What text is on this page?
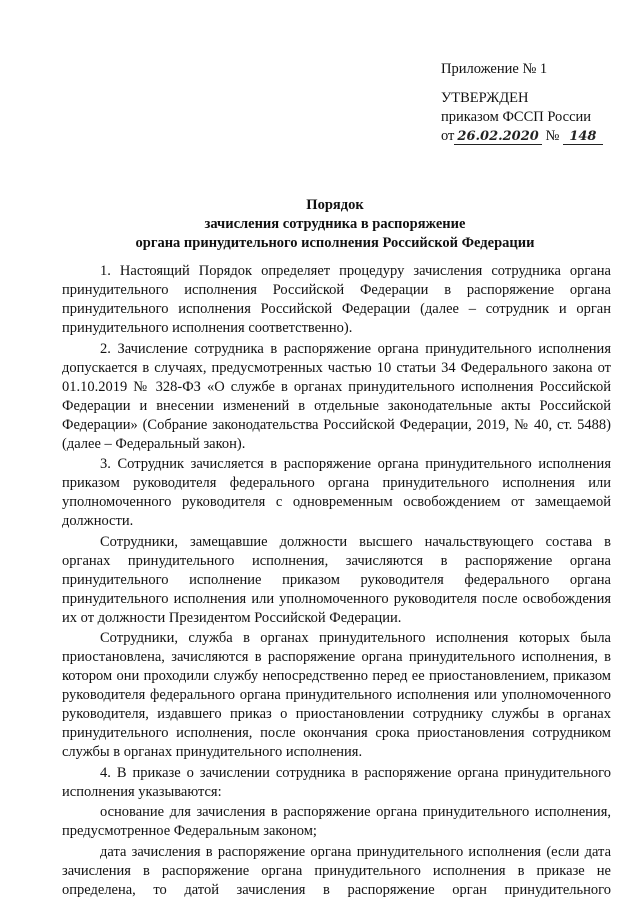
Приложение № 1
УТВЕРЖДЕН
приказом ФССП России
от 26.02.2020 № 148
Порядок
зачисления сотрудника в распоряжение
органа принудительного исполнения Российской Федерации

1. Настоящий Порядок определяет процедуру зачисления сотрудника органа принудительного исполнения Российской Федерации в распоряжение органа принудительного исполнения Российской Федерации (далее – сотрудник и орган принудительного исполнения соответственно).

2. Зачисление сотрудника в распоряжение органа принудительного исполнения допускается в случаях, предусмотренных частью 10 статьи 34 Федерального закона от 01.10.2019 № 328-ФЗ «О службе в органах принудительного исполнения Российской Федерации и внесении изменений в отдельные законодательные акты Российской Федерации» (Собрание законодательства Российской Федерации, 2019, № 40, ст. 5488) (далее – Федеральный закон).

3. Сотрудник зачисляется в распоряжение органа принудительного исполнения приказом руководителя федерального органа принудительного исполнения или уполномоченного руководителя с одновременным освобождением от замещаемой должности.

Сотрудники, замещавшие должности высшего начальствующего состава в органах принудительного исполнения, зачисляются в распоряжение органа принудительного исполнение приказом руководителя федерального органа принудительного исполнения или уполномоченного руководителя после освобождения их от должности Президентом Российской Федерации.

Сотрудники, служба в органах принудительного исполнения которых была приостановлена, зачисляются в распоряжение органа принудительного исполнения, в котором они проходили службу непосредственно перед ее приостановлением, приказом руководителя федерального органа принудительного исполнения или уполномоченного руководителя, издавшего приказ о приостановлении сотруднику службы в органах принудительного исполнения, после окончания срока приостановления сотрудником службы в органах принудительного исполнения.

4. В приказе о зачислении сотрудника в распоряжение органа принудительного исполнения указываются:

основание для зачисления в распоряжение органа принудительного исполнения, предусмотренное Федеральным законом;

дата зачисления в распоряжение органа принудительного исполнения (если дата зачисления в распоряжение органа принудительного исполнения в приказе не определена, то датой зачисления в распоряжение орган принудительного
